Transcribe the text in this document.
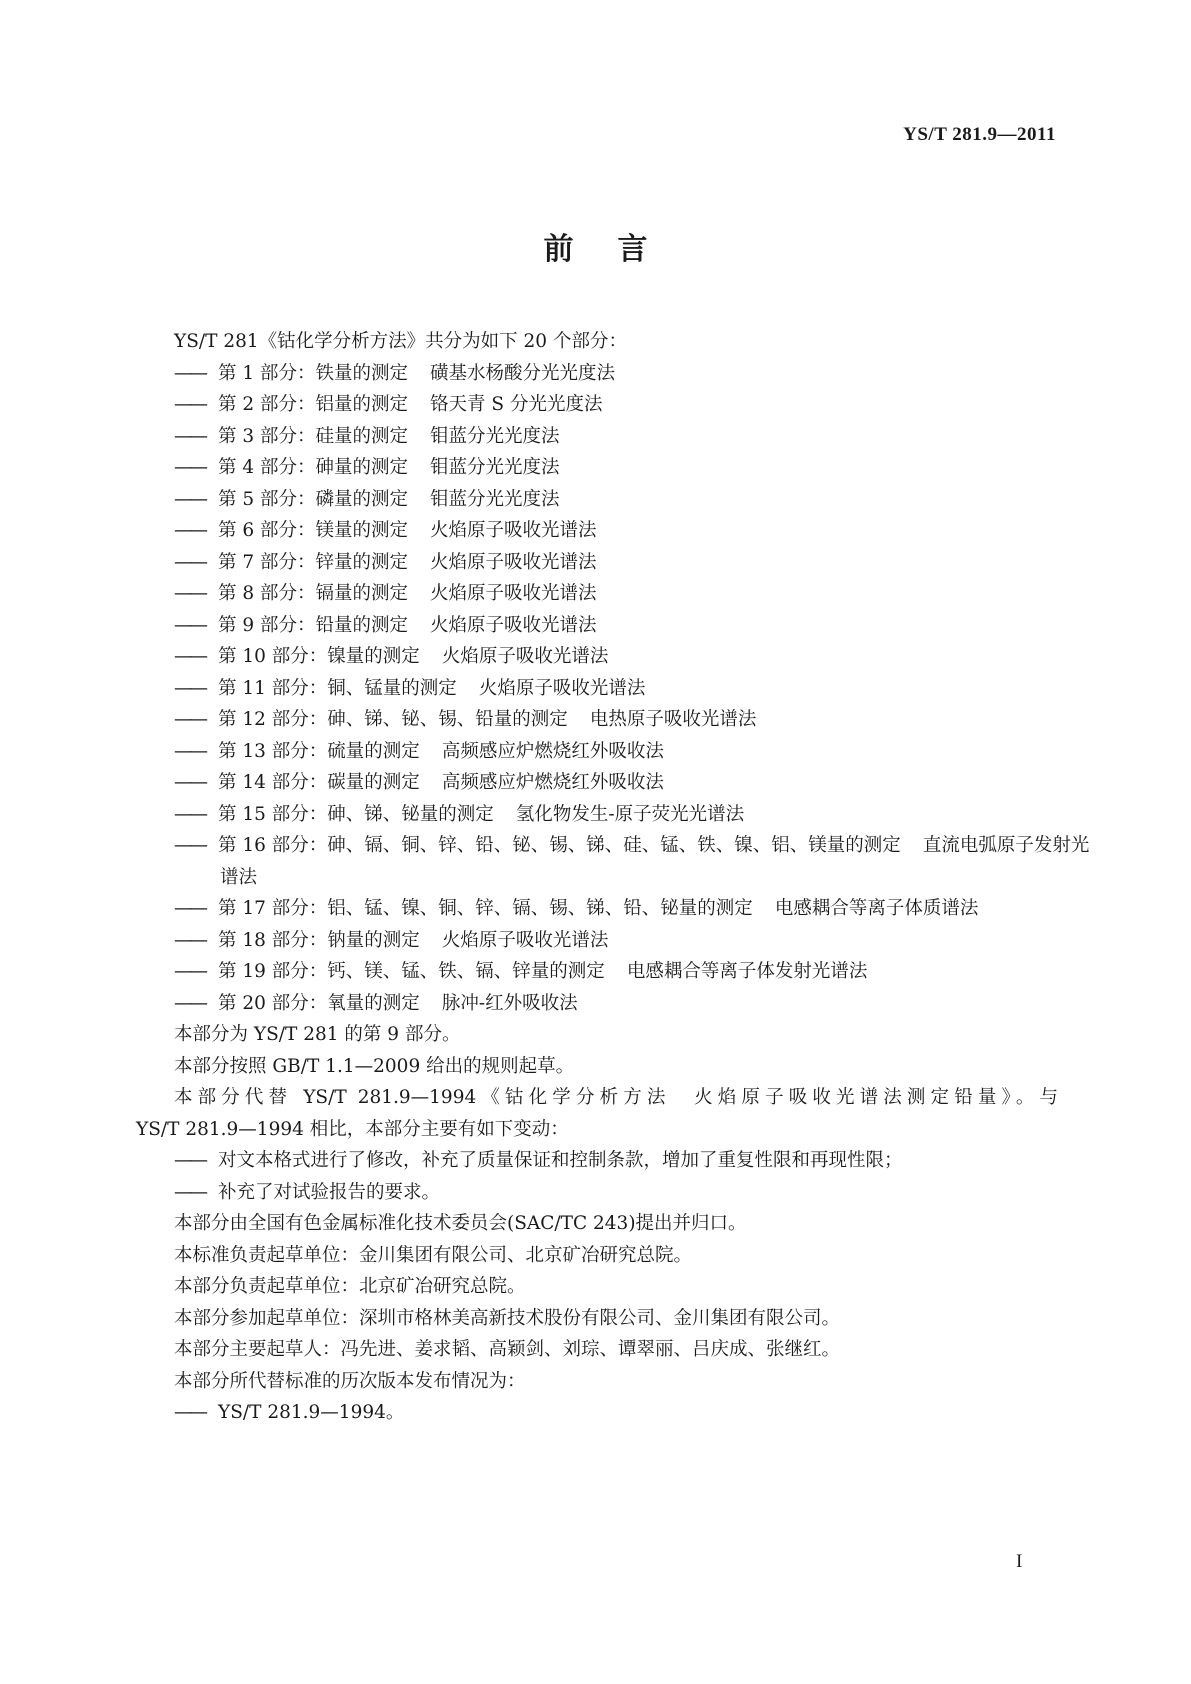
YS/T 281.9—2011
前言
YS/T 281《钴化学分析方法》共分为如下 20 个部分：
—— 第 1 部分：铁量的测定 磺基水杨酸分光光度法
—— 第 2 部分：铝量的测定 铬天青 S 分光光度法
—— 第 3 部分：硅量的测定 钼蓝分光光度法
—— 第 4 部分：砷量的测定 钼蓝分光光度法
—— 第 5 部分：磷量的测定 钼蓝分光光度法
—— 第 6 部分：镁量的测定 火焰原子吸收光谱法
—— 第 7 部分：锌量的测定 火焰原子吸收光谱法
—— 第 8 部分：镉量的测定 火焰原子吸收光谱法
—— 第 9 部分：铅量的测定 火焰原子吸收光谱法
—— 第 10 部分：镍量的测定 火焰原子吸收光谱法
—— 第 11 部分：铜、锰量的测定 火焰原子吸收光谱法
—— 第 12 部分：砷、锑、铋、锡、铅量的测定 电热原子吸收光谱法
—— 第 13 部分：硫量的测定 高频感应炉燃烧红外吸收法
—— 第 14 部分：碳量的测定 高频感应炉燃烧红外吸收法
—— 第 15 部分：砷、锑、铋量的测定 氢化物发生-原子荧光光谱法
—— 第 16 部分：砷、镉、铜、锌、铅、铋、锡、锑、硅、锰、铁、镍、铝、镁量的测定 直流电弧原子发射光
谱法
—— 第 17 部分：铝、锰、镍、铜、锌、镉、锡、锑、铅、铋量的测定 电感耦合等离子体质谱法
—— 第 18 部分：钠量的测定 火焰原子吸收光谱法
—— 第 19 部分：钙、镁、锰、铁、镉、锌量的测定 电感耦合等离子体发射光谱法
—— 第 20 部分：氧量的测定 脉冲-红外吸收法
本部分为 YS/T 281 的第 9 部分。
本部分按照 GB/T 1.1—2009 给出的规则起草。
本部分代替 YS/T 281.9—1994《钴化学分析方法　火焰原子吸收光谱法测定铅量》。与
YS/T 281.9—1994 相比，本部分主要有如下变动：
—— 对文本格式进行了修改，补充了质量保证和控制条款，增加了重复性限和再现性限；
—— 补充了对试验报告的要求。
本部分由全国有色金属标准化技术委员会(SAC/TC 243)提出并归口。
本标准负责起草单位：金川集团有限公司、北京矿冶研究总院。
本部分负责起草单位：北京矿冶研究总院。
本部分参加起草单位：深圳市格林美高新技术股份有限公司、金川集团有限公司。
本部分主要起草人：冯先进、姜求韬、高颖剑、刘琮、谭翠丽、吕庆成、张继红。
本部分所代替标准的历次版本发布情况为：
—— YS/T 281.9—1994。
I
